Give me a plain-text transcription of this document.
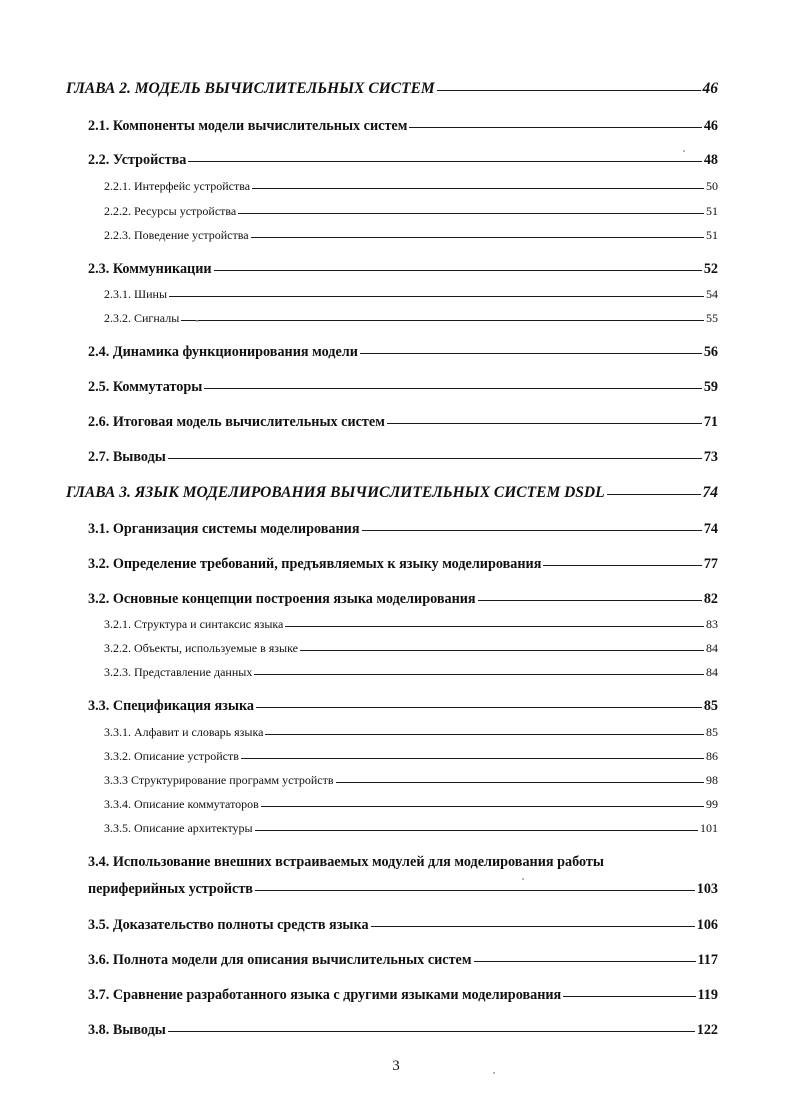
ГЛАВА 2. МОДЕЛЬ ВЫЧИСЛИТЕЛЬНЫХ СИСТЕМ	46
2.1. Компоненты модели вычислительных систем	46
2.2. Устройства	48
2.2.1. Интерфейс устройства	50
2.2.2. Ресурсы устройства	51
2.2.3. Поведение устройства	51
2.3. Коммуникации	52
2.3.1. Шины	54
2.3.2. Сигналы	55
2.4. Динамика функционирования модели	56
2.5. Коммутаторы	59
2.6. Итоговая модель вычислительных систем	71
2.7. Выводы	73
ГЛАВА 3. ЯЗЫК МОДЕЛИРОВАНИЯ ВЫЧИСЛИТЕЛЬНЫХ СИСТЕМ DSDL	74
3.1. Организация системы моделирования	74
3.2. Определение требований, предъявляемых к языку моделирования	77
3.2. Основные концепции построения языка моделирования	82
3.2.1. Структура и синтаксис языка	83
3.2.2. Объекты, используемые в языке	84
3.2.3. Представление данных	84
3.3. Спецификация языка	85
3.3.1. Алфавит и словарь языка	85
3.3.2. Описание устройств	86
3.3.3 Структурирование программ устройств	98
3.3.4. Описание коммутаторов	99
3.3.5. Описание архитектуры	101
3.4. Использование внешних встраиваемых модулей для моделирования работы
периферийных устройств	103
3.5. Доказательство полноты средств языка	106
3.6. Полнота модели для описания вычислительных систем	117
3.7. Сравнение разработанного языка с другими языками моделирования	119
3.8. Выводы	122
3
